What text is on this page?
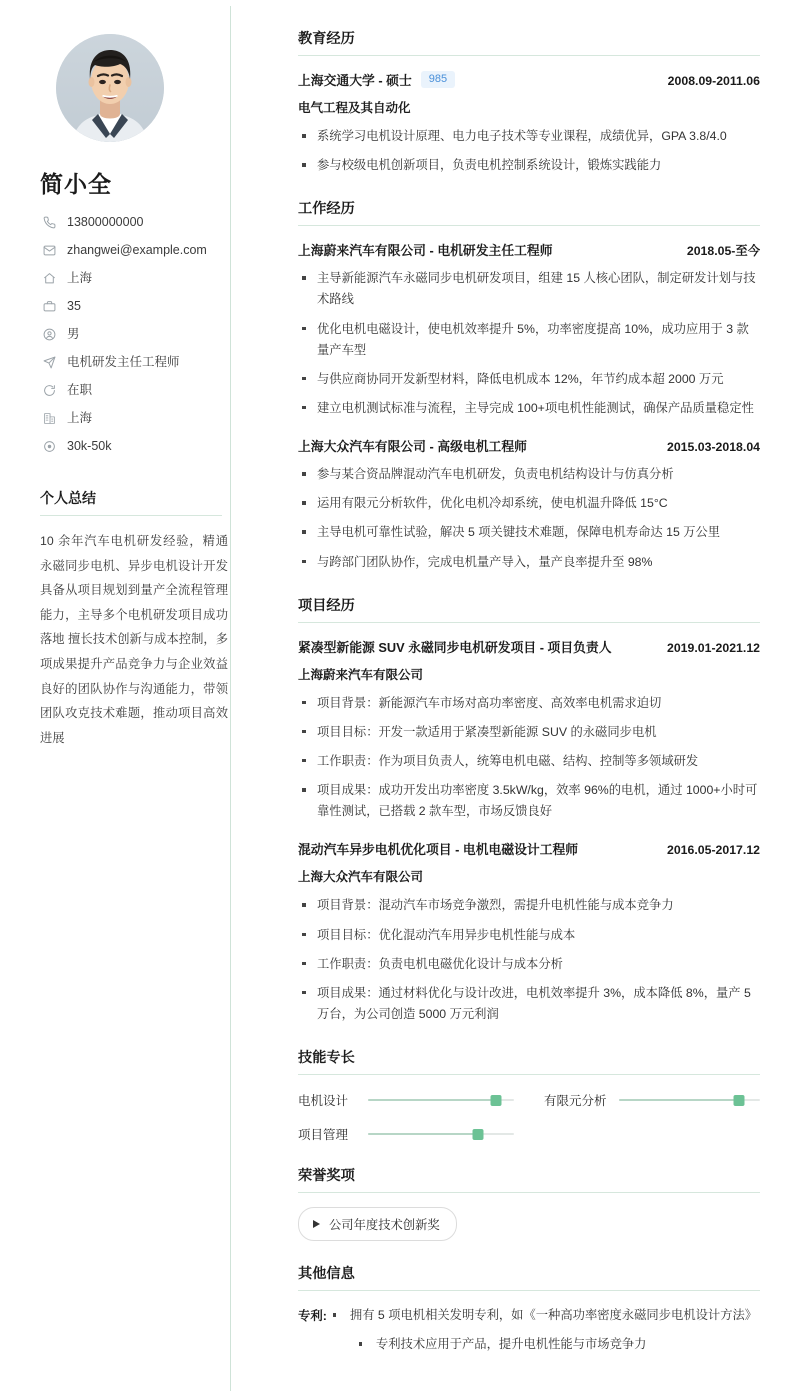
简小全
13800000000
zhangwei@example.com
上海
35
男
电机研发主任工程师
在职
上海
30k-50k
个人总结

10 余年汽车电机研发经验，精通永磁同步电机、异步电机设计开发 具备从项目规划到量产全流程管理能力，主导多个电机研发项目成功落地 擅长技术创新与成本控制，多项成果提升产品竞争力与企业效益 良好的团队协作与沟通能力，带领团队攻克技术难题，推动项目高效进展

教育经历
上海交通大学 - 硕士	985	2008.09-2011.06
电气工程及其自动化
系统学习电机设计原理、电力电子技术等专业课程，成绩优异，GPA 3.8/4.0
参与校级电机创新项目，负责电机控制系统设计，锻炼实践能力
工作经历
上海蔚来汽车有限公司 - 电机研发主任工程师	2018.05-至今
主导新能源汽车永磁同步电机研发项目，组建 15 人核心团队，制定研发计划与技术路线
优化电机电磁设计，使电机效率提升 5%，功率密度提高 10%，成功应用于 3 款量产车型
与供应商协同开发新型材料，降低电机成本 12%，年节约成本超 2000 万元
建立电机测试标准与流程，主导完成 100+项电机性能测试，确保产品质量稳定性
上海大众汽车有限公司 - 高级电机工程师	2015.03-2018.04
参与某合资品牌混动汽车电机研发，负责电机结构设计与仿真分析
运用有限元分析软件，优化电机冷却系统，使电机温升降低 15°C
主导电机可靠性试验，解决 5 项关键技术难题，保障电机寿命达 15 万公里
与跨部门团队协作，完成电机量产导入，量产良率提升至 98%
项目经历
紧凑型新能源 SUV 永磁同步电机研发项目 - 项目负责人	2019.01-2021.12
上海蔚来汽车有限公司
项目背景：新能源汽车市场对高功率密度、高效率电机需求迫切
项目目标：开发一款适用于紧凑型新能源 SUV 的永磁同步电机
工作职责：作为项目负责人，统筹电机电磁、结构、控制等多领域研发
项目成果：成功开发出功率密度 3.5kW/kg，效率 96%的电机，通过 1000+小时可靠性测试，已搭载 2 款车型，市场反馈良好
混动汽车异步电机优化项目 - 电机电磁设计工程师	2016.05-2017.12
上海大众汽车有限公司
项目背景：混动汽车市场竞争激烈，需提升电机性能与成本竞争力
项目目标：优化混动汽车用异步电机性能与成本
工作职责：负责电机电磁优化设计与成本分析
项目成果：通过材料优化与设计改进，电机效率提升 3%，成本降低 8%，量产 5 万台，为公司创造 5000 万元利润
技能专长
电机设计	有限元分析
项目管理
荣誉奖项
公司年度技术创新奖
其他信息
专利:	拥有 5 项电机相关发明专利，如《一种高功率密度永磁同步电机设计方法》
专利技术应用于产品，提升电机性能与市场竞争力
